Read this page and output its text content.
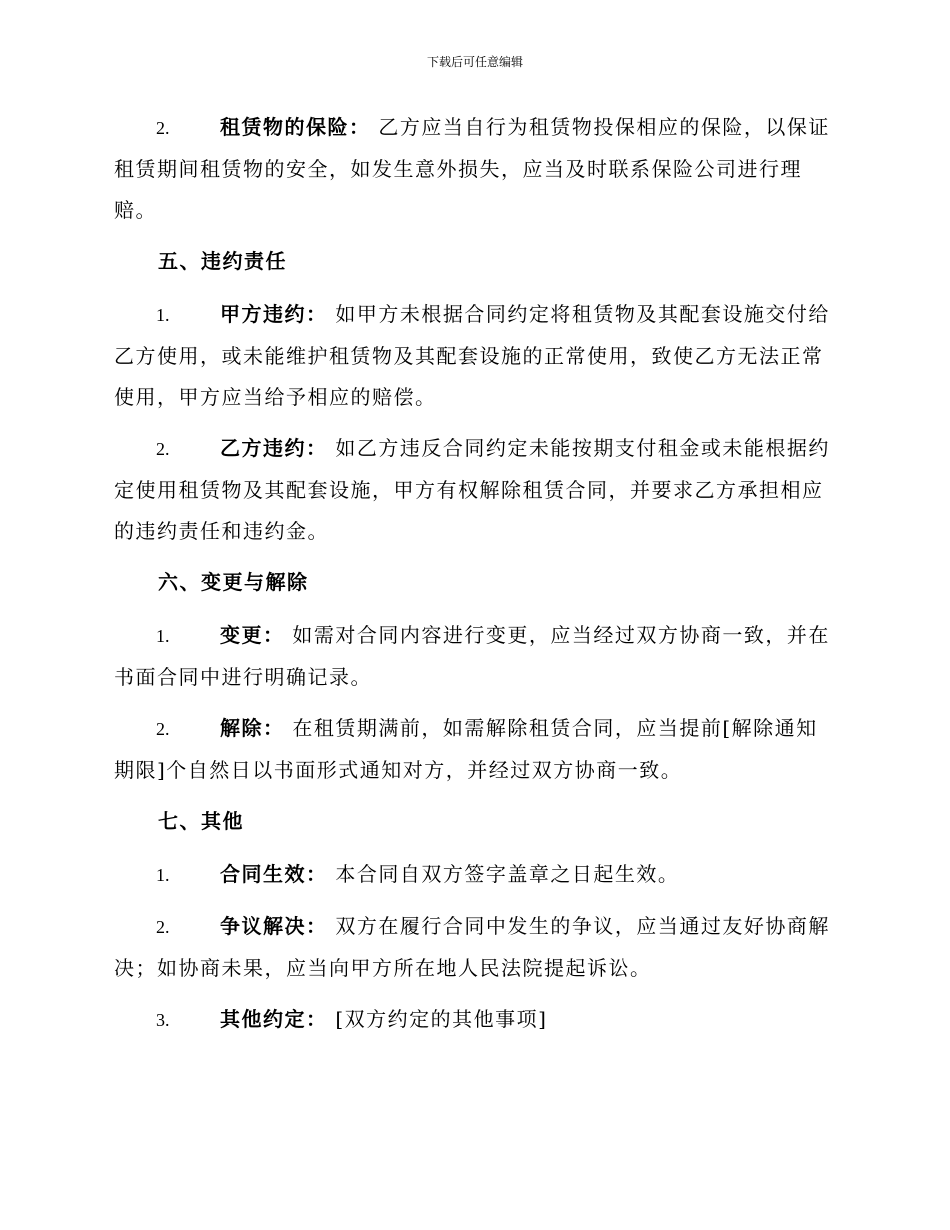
下载后可任意编辑

2.	租赁物的保险： 乙方应当自行为租赁物投保相应的保险，以保证租赁期间租赁物的安全，如发生意外损失，应当及时联系保险公司进行理赔。

五、违约责任

1.	甲方违约： 如甲方未根据合同约定将租赁物及其配套设施交付给乙方使用，或未能维护租赁物及其配套设施的正常使用，致使乙方无法正常使用，甲方应当给予相应的赔偿。

2.	乙方违约： 如乙方违反合同约定未能按期支付租金或未能根据约定使用租赁物及其配套设施，甲方有权解除租赁合同，并要求乙方承担相应的违约责任和违约金。

六、变更与解除

1.	变更： 如需对合同内容进行变更，应当经过双方协商一致，并在书面合同中进行明确记录。

2.	解除： 在租赁期满前，如需解除租赁合同，应当提前[解除通知期限]个自然日以书面形式通知对方，并经过双方协商一致。

七、其他

1.	合同生效： 本合同自双方签字盖章之日起生效。

2.	争议解决： 双方在履行合同中发生的争议，应当通过友好协商解决；如协商未果，应当向甲方所在地人民法院提起诉讼。

3.	其他约定： [双方约定的其他事项]
